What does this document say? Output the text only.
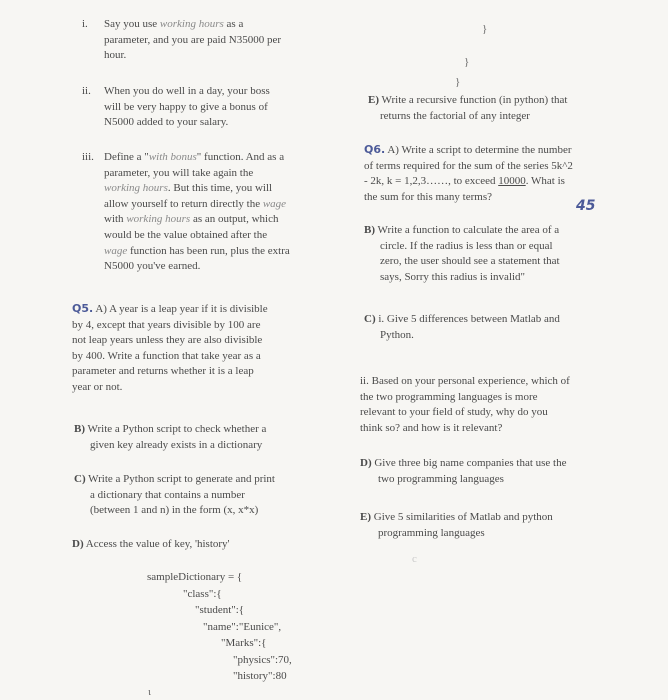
i. Say you use working hours as a

parameter, and you are paid N35000 per

hour.

ii. When you do well in a day, your boss

will be very happy to give a bonus of

N5000 added to your salary.

iii. Define a "with bonus" function. And as a

parameter, you will take again the

working hours. But this time, you will

allow yourself to return directly the wage

with working hours as an output, which

would be the value obtained after the

wage function has been run, plus the extra

N5000 you've earned.

Q5. A) A year is a leap year if it is divisible

by 4, except that years divisible by 100 are

not leap years unless they are also divisible

by 400. Write a function that take year as a

parameter and returns whether it is a leap

year or not.

B) Write a Python script to check whether a

given key already exists in a dictionary

C) Write a Python script to generate and print

a dictionary that contains a number

(between 1 and n) in the form (x, x*x)

D) Access the value of key, 'history'

sampleDictionary = {
"class":{
"student":{
"name":"Eunice",
"Marks":{
"physics":70,
"history":80
ι
}
}
}

E) Write a recursive function (in python) that

returns the factorial of any integer

Q6. A) Write a script to determine the number

of terms required for the sum of the series 5k^2

- 2k, k = 1,2,3……, to exceed 10000. What is

the sum for this many terms?

45

B) Write a function to calculate the area of a

circle. If the radius is less than or equal

zero, the user should see a statement that

says, Sorry this radius is invalid"

C) i. Give 5 differences between Matlab and

Python.

ii. Based on your personal experience, which of

the two programming languages is more

relevant to your field of study, why do you

think so? and how is it relevant?

D) Give three big name companies that use the

two programming languages

E) Give 5 similarities of Matlab and python

programming languages

c
